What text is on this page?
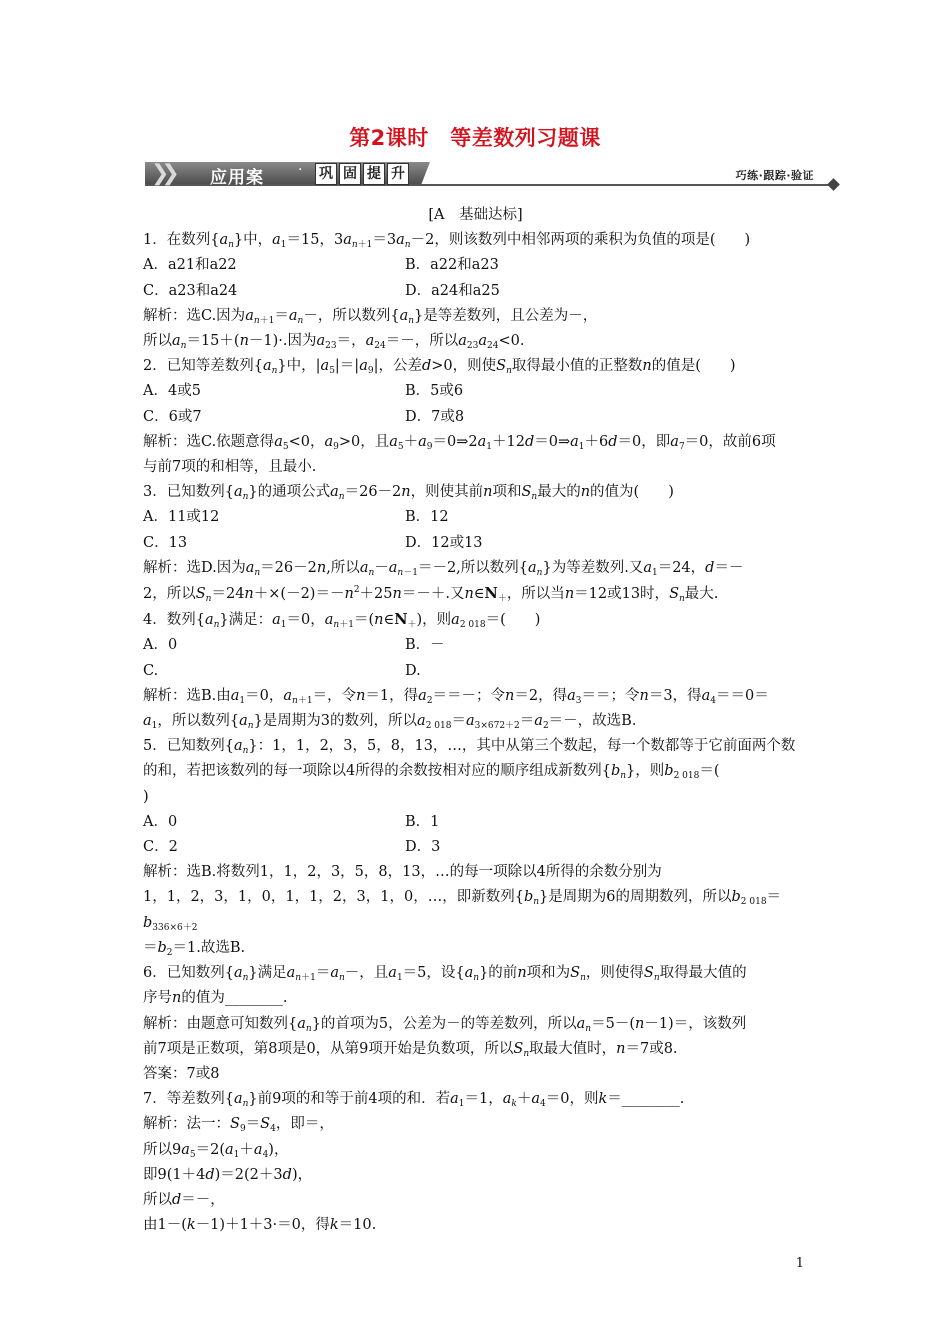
第2课时　等差数列习题课
❯❯ 应用案 · 巩 固 提 升	巧练·跟踪·验证
[A　基础达标]
1．在数列$\{a_n\}$中，$a_1=15$，$3a_{n+1}=3a_n-2$，则该数列中相邻两项的乘积为负值的项是(　　)
A．a21和a22	B．a22和a23
C．a23和a24	D．a24和a25
解析：选C.因为$a_{n+1}=a_n-$，所以数列$\{a_n\}$是等差数列，且公差为－，
所以$a_n=15+(n-1)\cdot$.因为$a_{23}=$，$a_{24}=-$，所以$a_{23}a_{24}<0$.
2．已知等差数列$\{a_n\}$中，$|a_5|=|a_9|$，公差d>0，则使$S_n$取得最小值的正整数n的值是(　　)
A．4或5	B．5或6
C．6或7	D．7或8
解析：选C.依题意得$a_5<0$，$a_9>0$，且$a_5+a_9=0\Rightarrow 2a_1+12d=0\Rightarrow a_1+6d=0$，即$a_7=0$，故前6项
与前7项的和相等，且最小.
3．已知数列$\{a_n\}$的通项公式$a_n=26-2n$，则使其前n项和$S_n$最大的n的值为(　　)
A．11或12	B．12
C．13	D．12或13
解析：选D.因为$a_n=26-2n$,所以$a_n-a_{n-1}=-2$,所以数列$\{a_n\}$为等差数列.又$a_1=24$，d＝－
2，所以$S_n=24n+\times(-2)=-n^2+25n=-+$.又$n\in N_+$，所以当n＝12或13时，$S_n$最大.
4．数列$\{a_n\}$满足：$a_1=0$，$a_{n+1}=(n\in N_+)$，则$a_{2 018}=$(　　)
A．0	B．－
C.	D.
解析：选B.由$a_1=0$，$a_{n+1}=$，令n＝1，得$a_2==-$；令n＝2，得$a_3==$；令n＝3，得$a_4==0=$
$a_1$，所以数列$\{a_n\}$是周期为3的数列，所以$a_{2 018}=a_{3\times 672+2}=a_2=-$，故选B.
5．已知数列$\{a_n\}$：1，1，2，3，5，8，13，…，其中从第三个数起，每一个数都等于它前面两个数
的和，若把该数列的每一项除以4所得的余数按相对应的顺序组成新数列$\{b_n\}$，则$b_{2 018}=$(
)
A．0	B．1
C．2	D．3
解析：选B.将数列1，1，2，3，5，8，13，…的每一项除以4所得的余数分别为
1，1，2，3，1，0，1，1，2，3，1，0，…，即新数列$\{b_n\}$是周期为6的周期数列，所以$b_{2 018}=b_{336\times 6+2}$
$=b_2=1$.故选B.
6．已知数列$\{a_n\}$满足$a_{n+1}=a_n-$，且$a_1=5$，设$\{a_n\}$的前n项和为$S_n$，则使得$S_n$取得最大值的
序号n的值为________.
解析：由题意可知数列$\{a_n\}$的首项为5，公差为－的等差数列，所以$a_n=5-(n-1)=$，该数列
前7项是正数项，第8项是0，从第9项开始是负数项，所以$S_n$取最大值时，n＝7或8.
答案：7或8
7．等差数列$\{a_n\}$前9项的和等于前4项的和．若$a_1=1$，$a_k+a_4=0$，则k＝________.
解析：法一：$S_9=S_4$，即＝，
所以$9a_5=2(a_1+a_4)$，
即9(1＋4d)＝2(2＋3d)，
所以d＝－，
由1－(k－1)＋1＋3·＝0，得k＝10.
1
